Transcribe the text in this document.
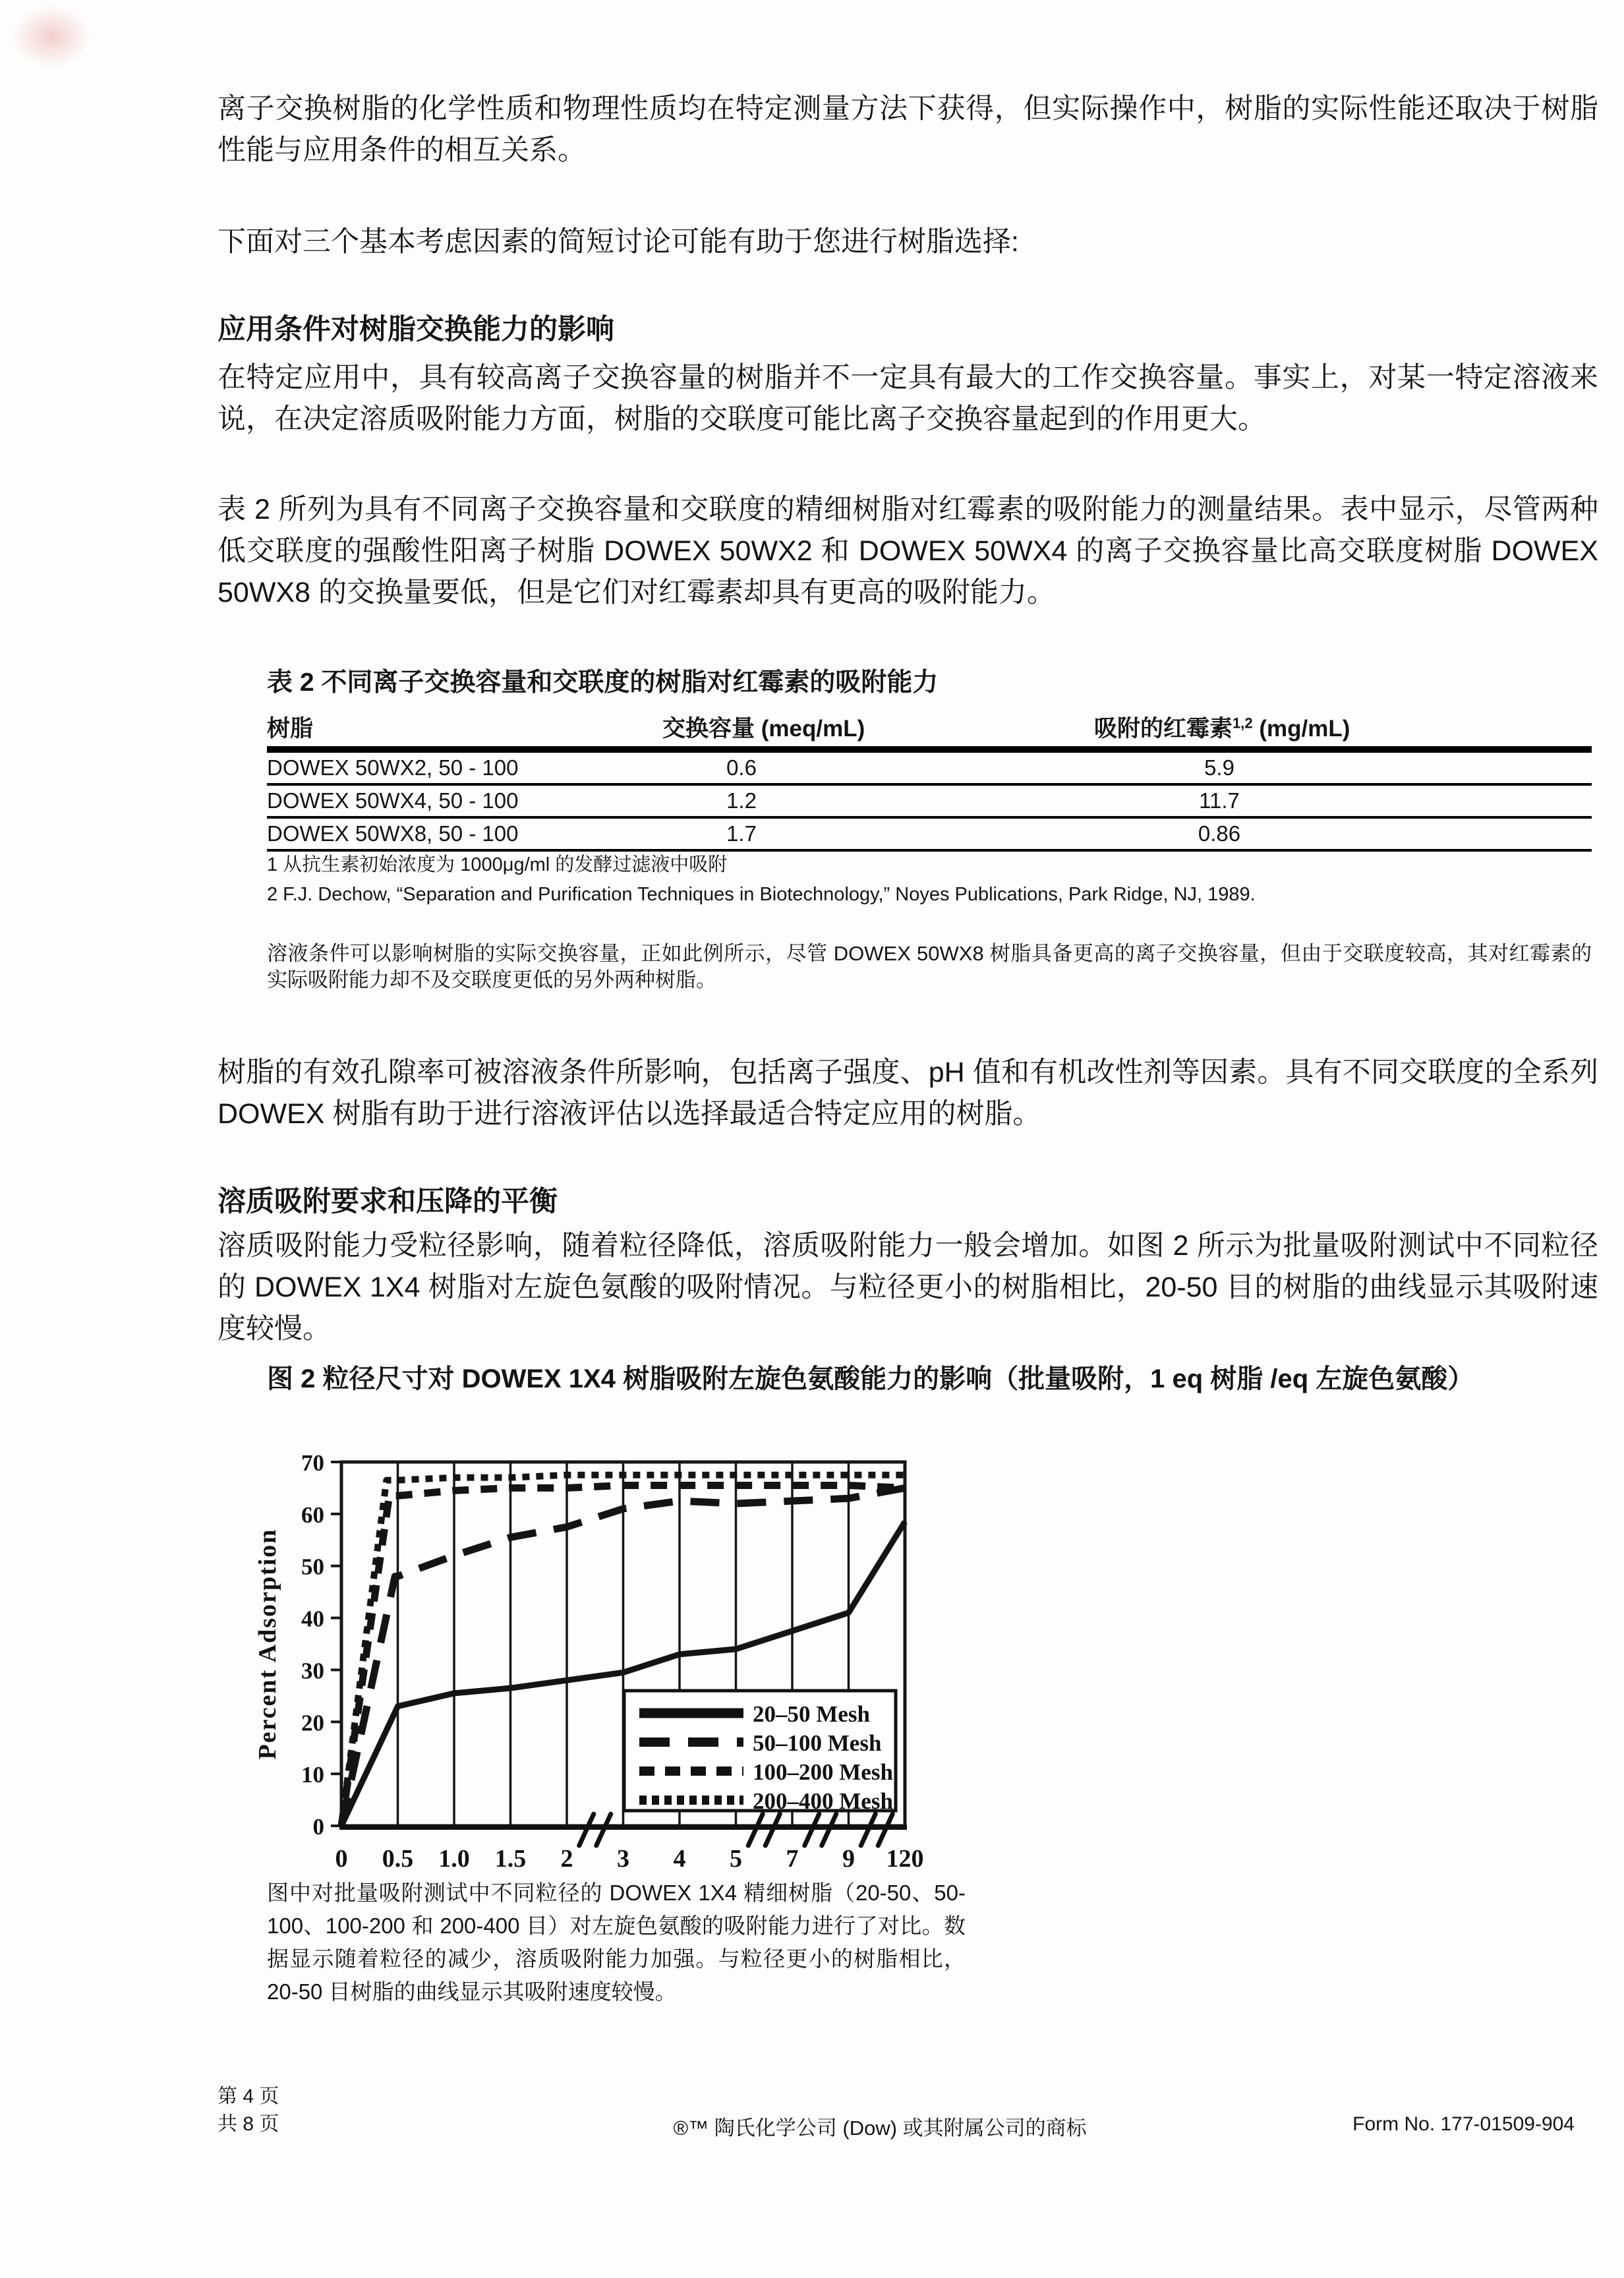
离子交换树脂的化学性质和物理性质均在特定测量方法下获得，但实际操作中，树脂的实际性能还取决于树脂性能与应用条件的相互关系。

下面对三个基本考虑因素的简短讨论可能有助于您进行树脂选择:

应用条件对树脂交换能力的影响

在特定应用中，具有较高离子交换容量的树脂并不一定具有最大的工作交换容量。事实上，对某一特定溶液来说，在决定溶质吸附能力方面，树脂的交联度可能比离子交换容量起到的作用更大。

表 2 所列为具有不同离子交换容量和交联度的精细树脂对红霉素的吸附能力的测量结果。表中显示，尽管两种低交联度的强酸性阳离子树脂 DOWEX 50WX2 和 DOWEX 50WX4 的离子交换容量比高交联度树脂 DOWEX 50WX8 的交换量要低，但是它们对红霉素却具有更高的吸附能力。

表 2 不同离子交换容量和交联度的树脂对红霉素的吸附能力
树脂	交换容量 (meq/mL)	吸附的红霉素$^{1,2}$ (mg/mL)
DOWEX 50WX2, 50 - 100	0.6	5.9
DOWEX 50WX4, 50 - 100	1.2	11.7
DOWEX 50WX8, 50 - 100	1.7	0.86
1 从抗生素初始浓度为 1000μg/ml 的发酵过滤液中吸附
2 F.J. Dechow, “Separation and Purification Techniques in Biotechnology,” Noyes Publications, Park Ridge, NJ, 1989.

溶液条件可以影响树脂的实际交换容量，正如此例所示，尽管 DOWEX 50WX8 树脂具备更高的离子交换容量，但由于交联度较高，其对红霉素的实际吸附能力却不及交联度更低的另外两种树脂。

树脂的有效孔隙率可被溶液条件所影响，包括离子强度、pH 值和有机改性剂等因素。具有不同交联度的全系列 DOWEX 树脂有助于进行溶液评估以选择最适合特定应用的树脂。

溶质吸附要求和压降的平衡

溶质吸附能力受粒径影响，随着粒径降低，溶质吸附能力一般会增加。如图 2 所示为批量吸附测试中不同粒径的 DOWEX 1X4 树脂对左旋色氨酸的吸附情况。与粒径更小的树脂相比，20-50 目的树脂的曲线显示其吸附速度较慢。

图 2 粒径尺寸对 DOWEX 1X4 树脂吸附左旋色氨酸能力的影响（批量吸附，1 eq 树脂 /eq 左旋色氨酸）
0
10
20
30
40
50
60
70
0 0.5 1.0 1.5 2 3 4 5 7 9 120
Percent Adsorption	20–50 Mesh
50–100 Mesh
100–200 Mesh
200–400 Mesh

图中对批量吸附测试中不同粒径的 DOWEX 1X4 精细树脂（20-50、50-100、100-200 和 200-400 目）对左旋色氨酸的吸附能力进行了对比。数据显示随着粒径的减少，溶质吸附能力加强。与粒径更小的树脂相比，20-50 目树脂的曲线显示其吸附速度较慢。

第 4 页
共 8 页	®™ 陶氏化学公司 (Dow) 或其附属公司的商标	Form No. 177-01509-904
